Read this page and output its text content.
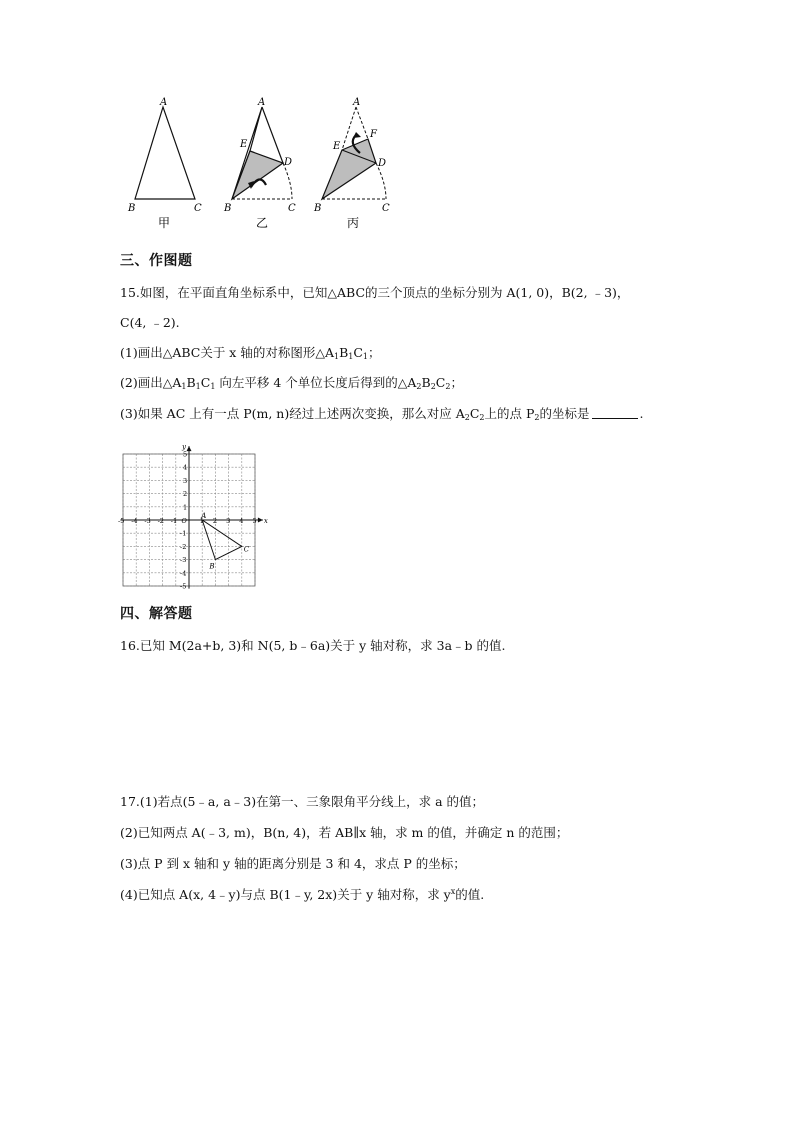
A
B	C
甲
A
B	C
D
E
乙
A
B	C
D
E
F
丙
三、作图题
15.如图，在平面直角坐标系中，已知△ABC的三个顶点的坐标分别为 A(1, 0)，B(2, ﹣3)，
C(4, ﹣2).
(1)画出△ABC关于 x 轴的对称图形$\triangle A_1B_1C_1$；
(2)画出$\triangle A_1B_1C_1$ 向左平移 4 个单位长度后得到的$\triangle A_2B_2C_2$；
(3)如果 AC 上有一点 P(m, n)经过上述两次变换，那么对应 $A_2C_2$上的点 $P_2$的坐标是	.
x
y
-5 -4 -3 -2 -1 O 1 2 3 4 5
5
4
3
2
1
-1
-2
-3
-4
-5
A
B
C
四、解答题
16.已知 M(2a+b, 3)和 N(5, b﹣6a)关于 y 轴对称，求 3a﹣b 的值.
17.(1)若点(5﹣a, a﹣3)在第一、三象限角平分线上，求 a 的值；
(2)已知两点 A(﹣3, m)，B(n, 4)，若 AB∥x 轴，求 m 的值，并确定 n 的范围；
(3)点 P 到 x 轴和 y 轴的距离分别是 3 和 4，求点 P 的坐标；
(4)已知点 A(x, 4﹣y)与点 B(1﹣y, 2x)关于 y 轴对称，求 $y^x$的值.
